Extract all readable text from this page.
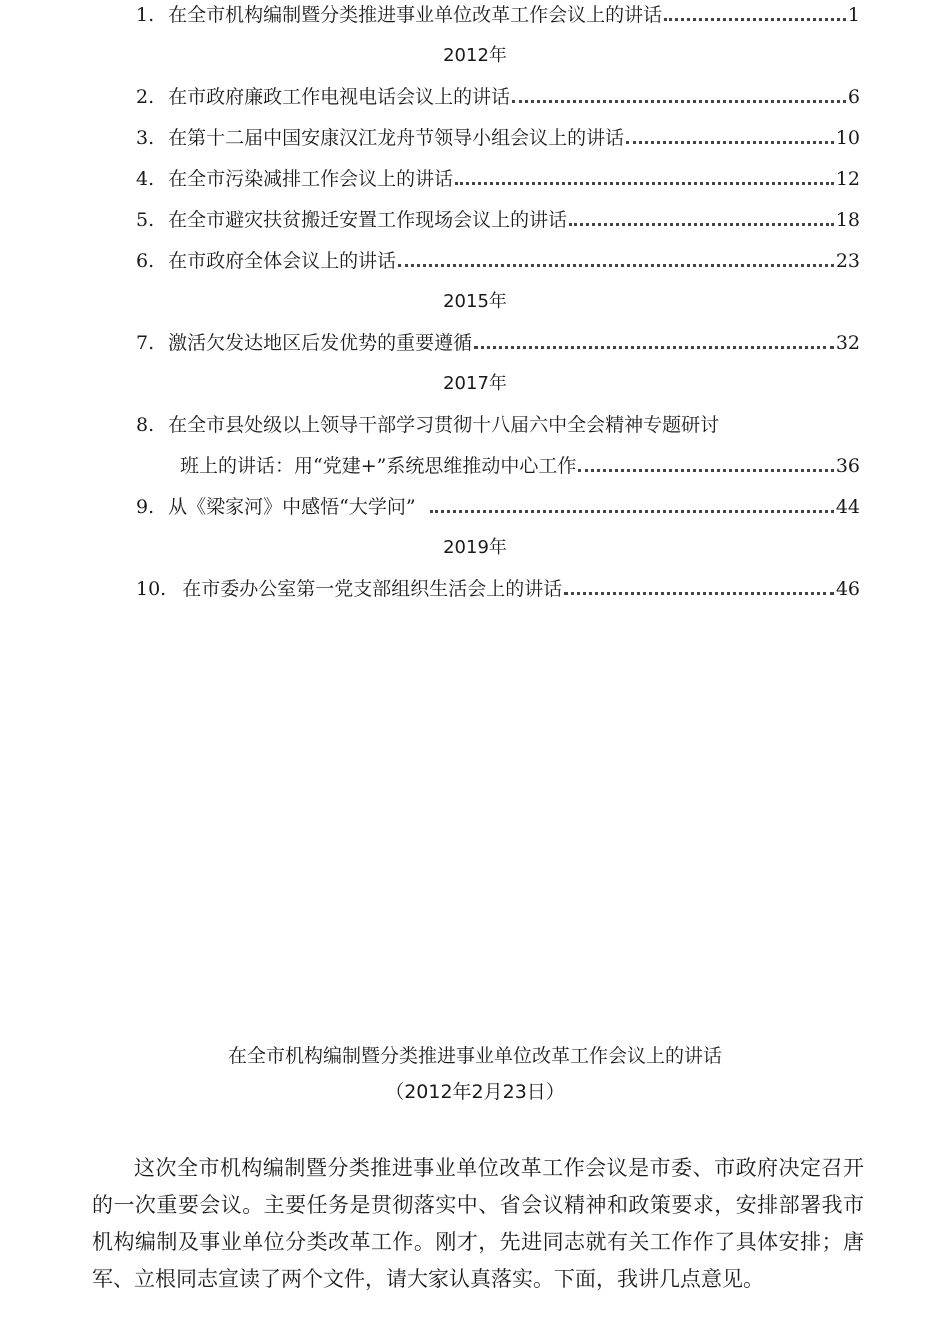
1. 在全市机构编制暨分类推进事业单位改革工作会议上的讲话	1
2012年
2. 在市政府廉政工作电视电话会议上的讲话	6
3. 在第十二届中国安康汉江龙舟节领导小组会议上的讲话	10
4. 在全市污染减排工作会议上的讲话	12
5. 在全市避灾扶贫搬迁安置工作现场会议上的讲话	18
6. 在市政府全体会议上的讲话	23
2015年
7. 激活欠发达地区后发优势的重要遵循	32
2017年
8. 在全市县处级以上领导干部学习贯彻十八届六中全会精神专题研讨
班上的讲话：用“党建+”系统思维推动中心工作	36
9. 从《梁家河》中感悟“大学问”	44
2019年
10. 在市委办公室第一党支部组织生活会上的讲话	46
在全市机构编制暨分类推进事业单位改革工作会议上的讲话
（2012年2月23日）

这次全市机构编制暨分类推进事业单位改革工作会议是市委、市政府决定召开的一次重要会议。主要任务是贯彻落实中、省会议精神和政策要求，安排部署我市机构编制及事业单位分类改革工作。刚才，先进同志就有关工作作了具体安排；唐军、立根同志宣读了两个文件，请大家认真落实。下面，我讲几点意见。
